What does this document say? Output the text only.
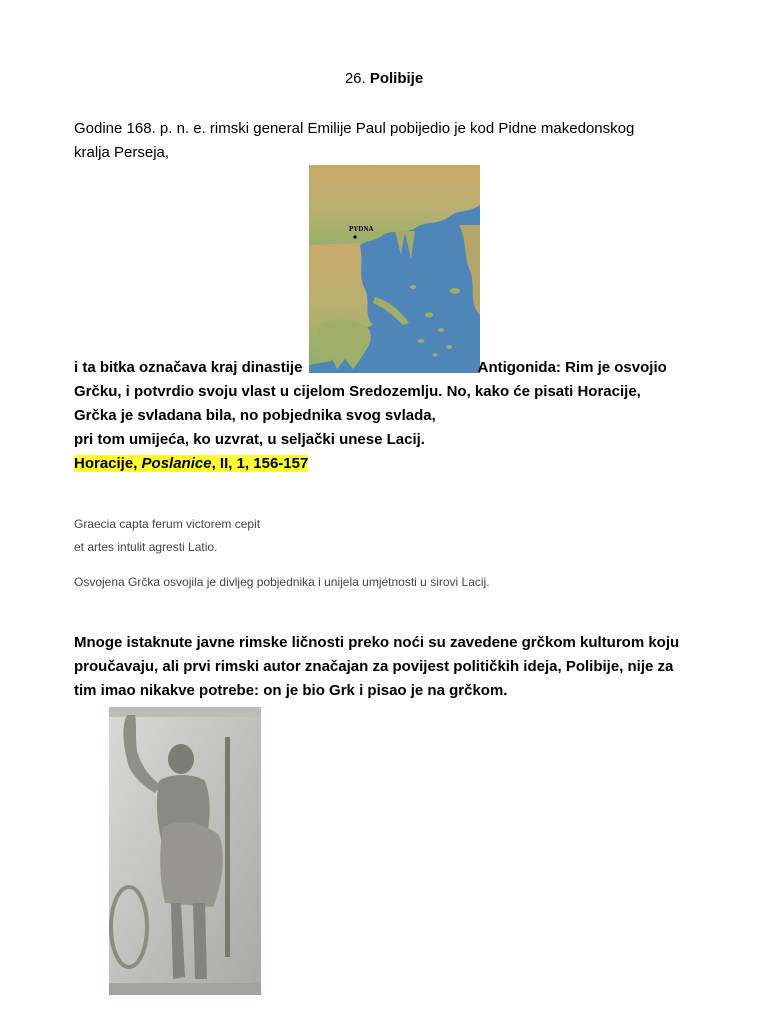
26. Polibije
Godine 168. p. n. e. rimski general Emilije Paul pobijedio je kod Pidne makedonskog
kralja Perseja,
PYDNA
i ta bitka označava kraj dinastije	Antigonida: Rim je osvojio
Grčku, i potvrdio svoju vlast u cijelom Sredozemlju. No, kako će pisati Horacije,
Grčka je svladana bila, no pobjednika svog svlada,
pri tom umijeća, ko uzvrat, u seljački unese Lacij.
Horacije, Poslanice, II, 1, 156-157
Graecia capta ferum victorem cepit
et artes intulit agresti Latio.
Osvojena Grčka osvojila je divljeg pobjednika i unijela umjetnosti u sirovi Lacij.
Mnoge istaknute javne rimske ličnosti preko noći su zavedene grčkom kulturom koju
proučavaju, ali prvi rimski autor značajan za povijest političkih ideja, Polibije, nije za
tim imao nikakve potrebe: on je bio Grk i pisao je na grčkom.
